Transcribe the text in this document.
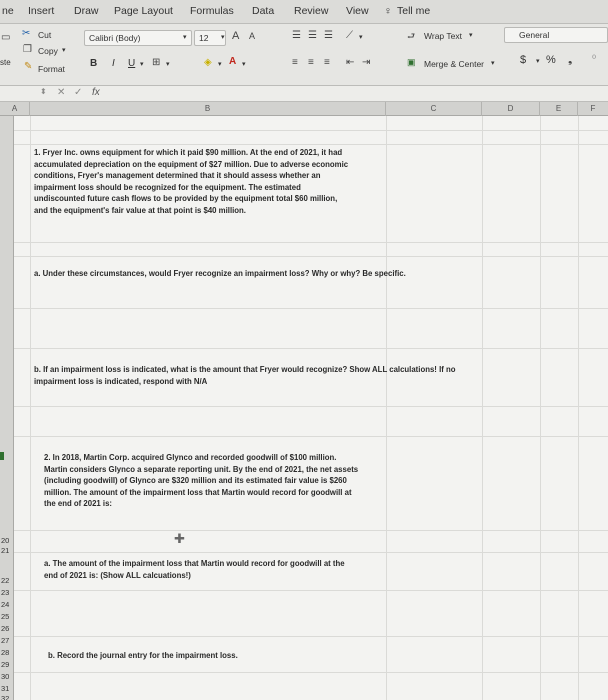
ne Insert Draw Page Layout Formulas Data Review View ♀ Tell me
▭
ste
✂ Cut
❐ Copy ▾
✎ Format
Calibri (Body)	▾	12	▾ A A
B I U ▾ ⊞ ▾	◈ ▾ A ▾
☰ ☰ ☰ ⟋ ▾
≡ ≡ ≡ ⇤ ⇥
⮐ Wrap Text ▾
▣ Merge & Center ▾
General
$ ▾ % ❟ ⁰
⬍ ✕ ✓ fx
A	B	C	D	E	F
20
21
22
23
24
25
26
27
28
29
30
31
32
1. Fryer Inc. owns equipment for which it paid $90 million. At the end of 2021, it had
accumulated depreciation on the equipment of $27 million. Due to adverse economic
conditions, Fryer's management determined that it should assess whether an
impairment loss should be recognized for the equipment. The estimated
undiscounted future cash flows to be provided by the equipment total $60 million,
and the equipment's fair value at that point is $40 million.
a. Under these circumstances, would Fryer recognize an impairment loss? Why or why? Be specific.
b. If an impairment loss is indicated, what is the amount that Fryer would recognize? Show ALL calculations! If no
impairment loss is indicated, respond with N/A
✚
2. In 2018, Martin Corp. acquired Glynco and recorded goodwill of $100 million.
Martin considers Glynco a separate reporting unit. By the end of 2021, the net assets
(including goodwill) of Glynco are $320 million and its estimated fair value is $260
million. The amount of the impairment loss that Martin would record for goodwill at
the end of 2021 is:
a. The amount of the impairment loss that Martin would record for goodwill at the
end of 2021 is: (Show ALL calcuations!)
b. Record the journal entry for the impairment loss.
